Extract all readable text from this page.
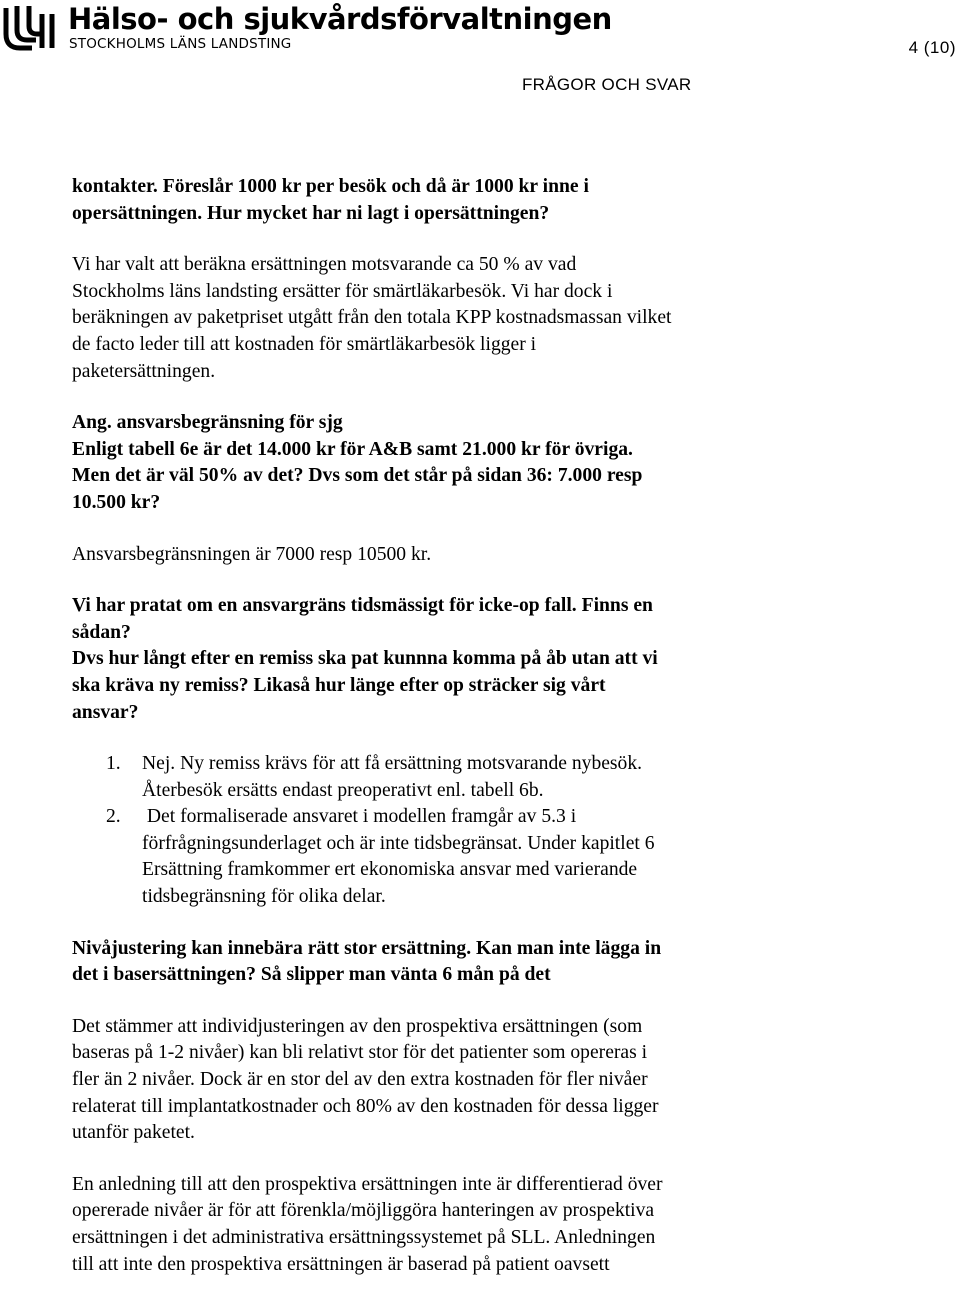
Hälso- och sjukvårdsförvaltningen
STOCKHOLMS LÄNS LANDSTING	4 (10)
FRÅGOR OCH SVAR

kontakter. Föreslår 1000 kr per besök och då är 1000 kr inne i
opersättningen. Hur mycket har ni lagt i opersättningen?

Vi har valt att beräkna ersättningen motsvarande ca 50 % av vad
Stockholms läns landsting ersätter för smärtläkarbesök. Vi har dock i
beräkningen av paketpriset utgått från den totala KPP kostnadsmassan vilket
de facto leder till att kostnaden för smärtläkarbesök ligger i
paketersättningen.

Ang. ansvarsbegränsning för sjg
Enligt tabell 6e är det 14.000 kr för A&B samt 21.000 kr för övriga.
Men det är väl 50% av det? Dvs som det står på sidan 36: 7.000 resp
10.500 kr?

Ansvarsbegränsningen är 7000 resp 10500 kr.

Vi har pratat om en ansvargräns tidsmässigt för icke-op fall. Finns en
sådan?
Dvs hur långt efter en remiss ska pat kunnna komma på åb utan att vi
ska kräva ny remiss? Likaså hur länge efter op sträcker sig vårt
ansvar?

1. Nej. Ny remiss krävs för att få ersättning motsvarande nybesök.
Återbesök ersätts endast preoperativt enl. tabell 6b.
2. Det formaliserade ansvaret i modellen framgår av 5.3 i
förfrågningsunderlaget och är inte tidsbegränsat. Under kapitlet 6
Ersättning framkommer ert ekonomiska ansvar med varierande
tidsbegränsning för olika delar.

Nivåjustering kan innebära rätt stor ersättning. Kan man inte lägga in
det i basersättningen? Så slipper man vänta 6 mån på det

Det stämmer att individjusteringen av den prospektiva ersättningen (som
baseras på 1-2 nivåer) kan bli relativt stor för det patienter som opereras i
fler än 2 nivåer. Dock är en stor del av den extra kostnaden för fler nivåer
relaterat till implantatkostnader och 80% av den kostnaden för dessa ligger
utanför paketet.

En anledning till att den prospektiva ersättningen inte är differentierad över
opererade nivåer är för att förenkla/möjliggöra hanteringen av prospektiva
ersättningen i det administrativa ersättningssystemet på SLL. Anledningen
till att inte den prospektiva ersättningen är baserad på patient oavsett
